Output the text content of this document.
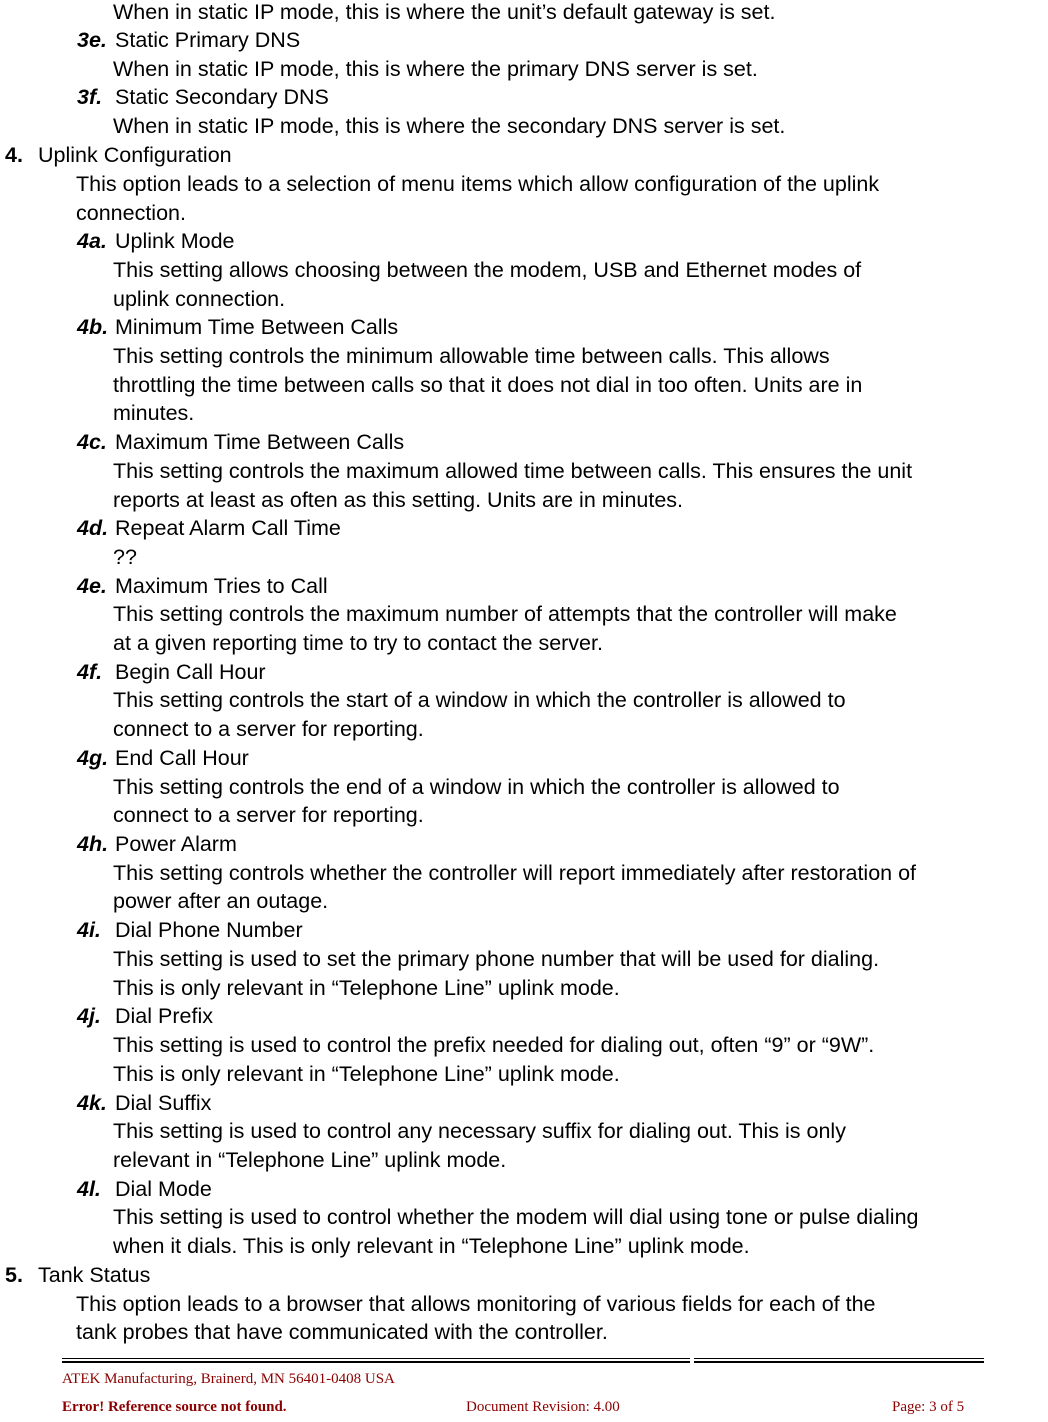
When in static IP mode, this is where the unit’s default gateway is set.
3e. Static Primary DNS
When in static IP mode, this is where the primary DNS server is set.
3f. Static Secondary DNS
When in static IP mode, this is where the secondary DNS server is set.
4. Uplink Configuration
This option leads to a selection of menu items which allow configuration of the uplink
connection.
4a. Uplink Mode
This setting allows choosing between the modem, USB and Ethernet modes of
uplink connection.
4b. Minimum Time Between Calls
This setting controls the minimum allowable time between calls. This allows
throttling the time between calls so that it does not dial in too often. Units are in
minutes.
4c. Maximum Time Between Calls
This setting controls the maximum allowed time between calls. This ensures the unit
reports at least as often as this setting. Units are in minutes.
4d. Repeat Alarm Call Time
??
4e. Maximum Tries to Call
This setting controls the maximum number of attempts that the controller will make
at a given reporting time to try to contact the server.
4f. Begin Call Hour
This setting controls the start of a window in which the controller is allowed to
connect to a server for reporting.
4g. End Call Hour
This setting controls the end of a window in which the controller is allowed to
connect to a server for reporting.
4h. Power Alarm
This setting controls whether the controller will report immediately after restoration of
power after an outage.
4i. Dial Phone Number
This setting is used to set the primary phone number that will be used for dialing.
This is only relevant in “Telephone Line” uplink mode.
4j. Dial Prefix
This setting is used to control the prefix needed for dialing out, often “9” or “9W”.
This is only relevant in “Telephone Line” uplink mode.
4k. Dial Suffix
This setting is used to control any necessary suffix for dialing out. This is only
relevant in “Telephone Line” uplink mode.
4l. Dial Mode
This setting is used to control whether the modem will dial using tone or pulse dialing
when it dials. This is only relevant in “Telephone Line” uplink mode.
5. Tank Status
This option leads to a browser that allows monitoring of various fields for each of the
tank probes that have communicated with the controller.
ATEK Manufacturing, Brainerd, MN 56401-0408 USA
Error! Reference source not found.	Document Revision: 4.00	Page: 3 of 5
